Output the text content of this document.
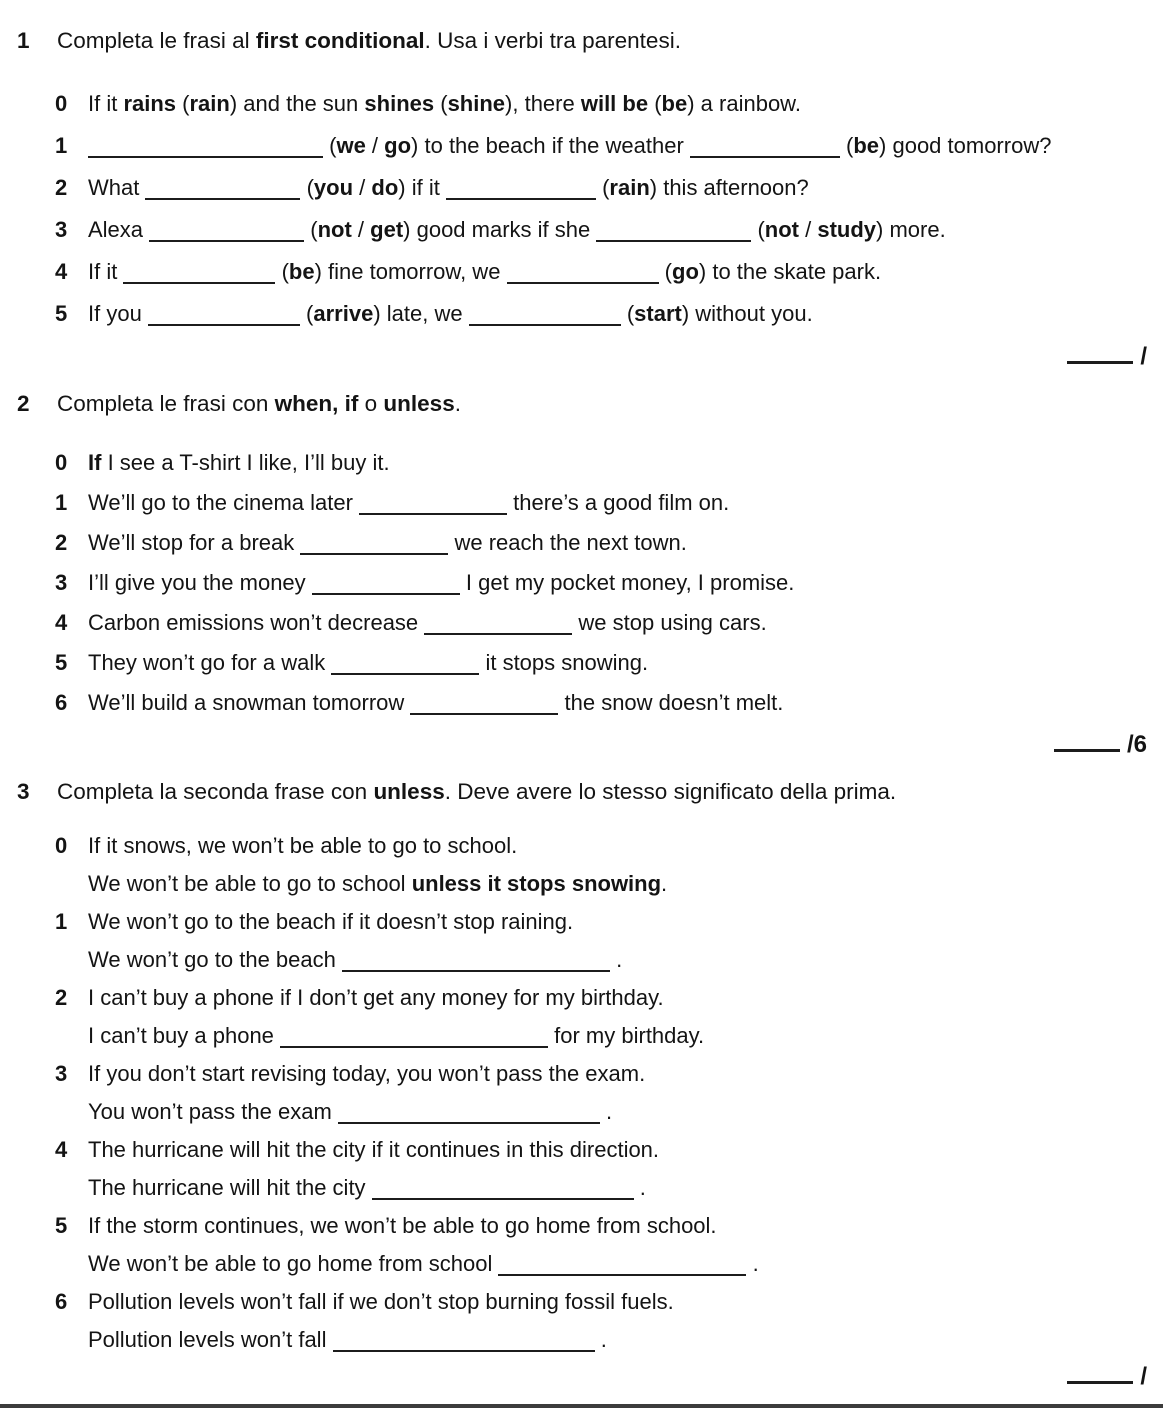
1	Completa le frasi al first conditional. Usa i verbi tra parentesi.
0 If it rains (rain) and the sun shines (shine), there will be (be) a rainbow.
1	(we / go) to the beach if the weather	(be) good tomorrow?
2 What	(you / do) if it	(rain) this afternoon?
3 Alexa	(not / get) good marks if she	(not / study) more.
4 If it	(be) fine tomorrow, we	(go) to the skate park.
5 If you	(arrive) late, we	(start) without you.
/
2	Completa le frasi con when, if o unless.
0 If I see a T-shirt I like, I’ll buy it.
1 We’ll go to the cinema later	there’s a good film on.
2 We’ll stop for a break	we reach the next town.
3 I’ll give you the money	I get my pocket money, I promise.
4 Carbon emissions won’t decrease	we stop using cars.
5 They won’t go for a walk	it stops snowing.
6 We’ll build a snowman tomorrow	the snow doesn’t melt.
/6
3	Completa la seconda frase con unless. Deve avere lo stesso significato della prima.
0 If it snows, we won’t be able to go to school.
We won’t be able to go to school unless it stops snowing.
1 We won’t go to the beach if it doesn’t stop raining.
We won’t go to the beach	.
2 I can’t buy a phone if I don’t get any money for my birthday.
I can’t buy a phone	for my birthday.
3 If you don’t start revising today, you won’t pass the exam.
You won’t pass the exam	.
4 The hurricane will hit the city if it continues in this direction.
The hurricane will hit the city	.
5 If the storm continues, we won’t be able to go home from school.
We won’t be able to go home from school	.
6 Pollution levels won’t fall if we don’t stop burning fossil fuels.
Pollution levels won’t fall	.
/
